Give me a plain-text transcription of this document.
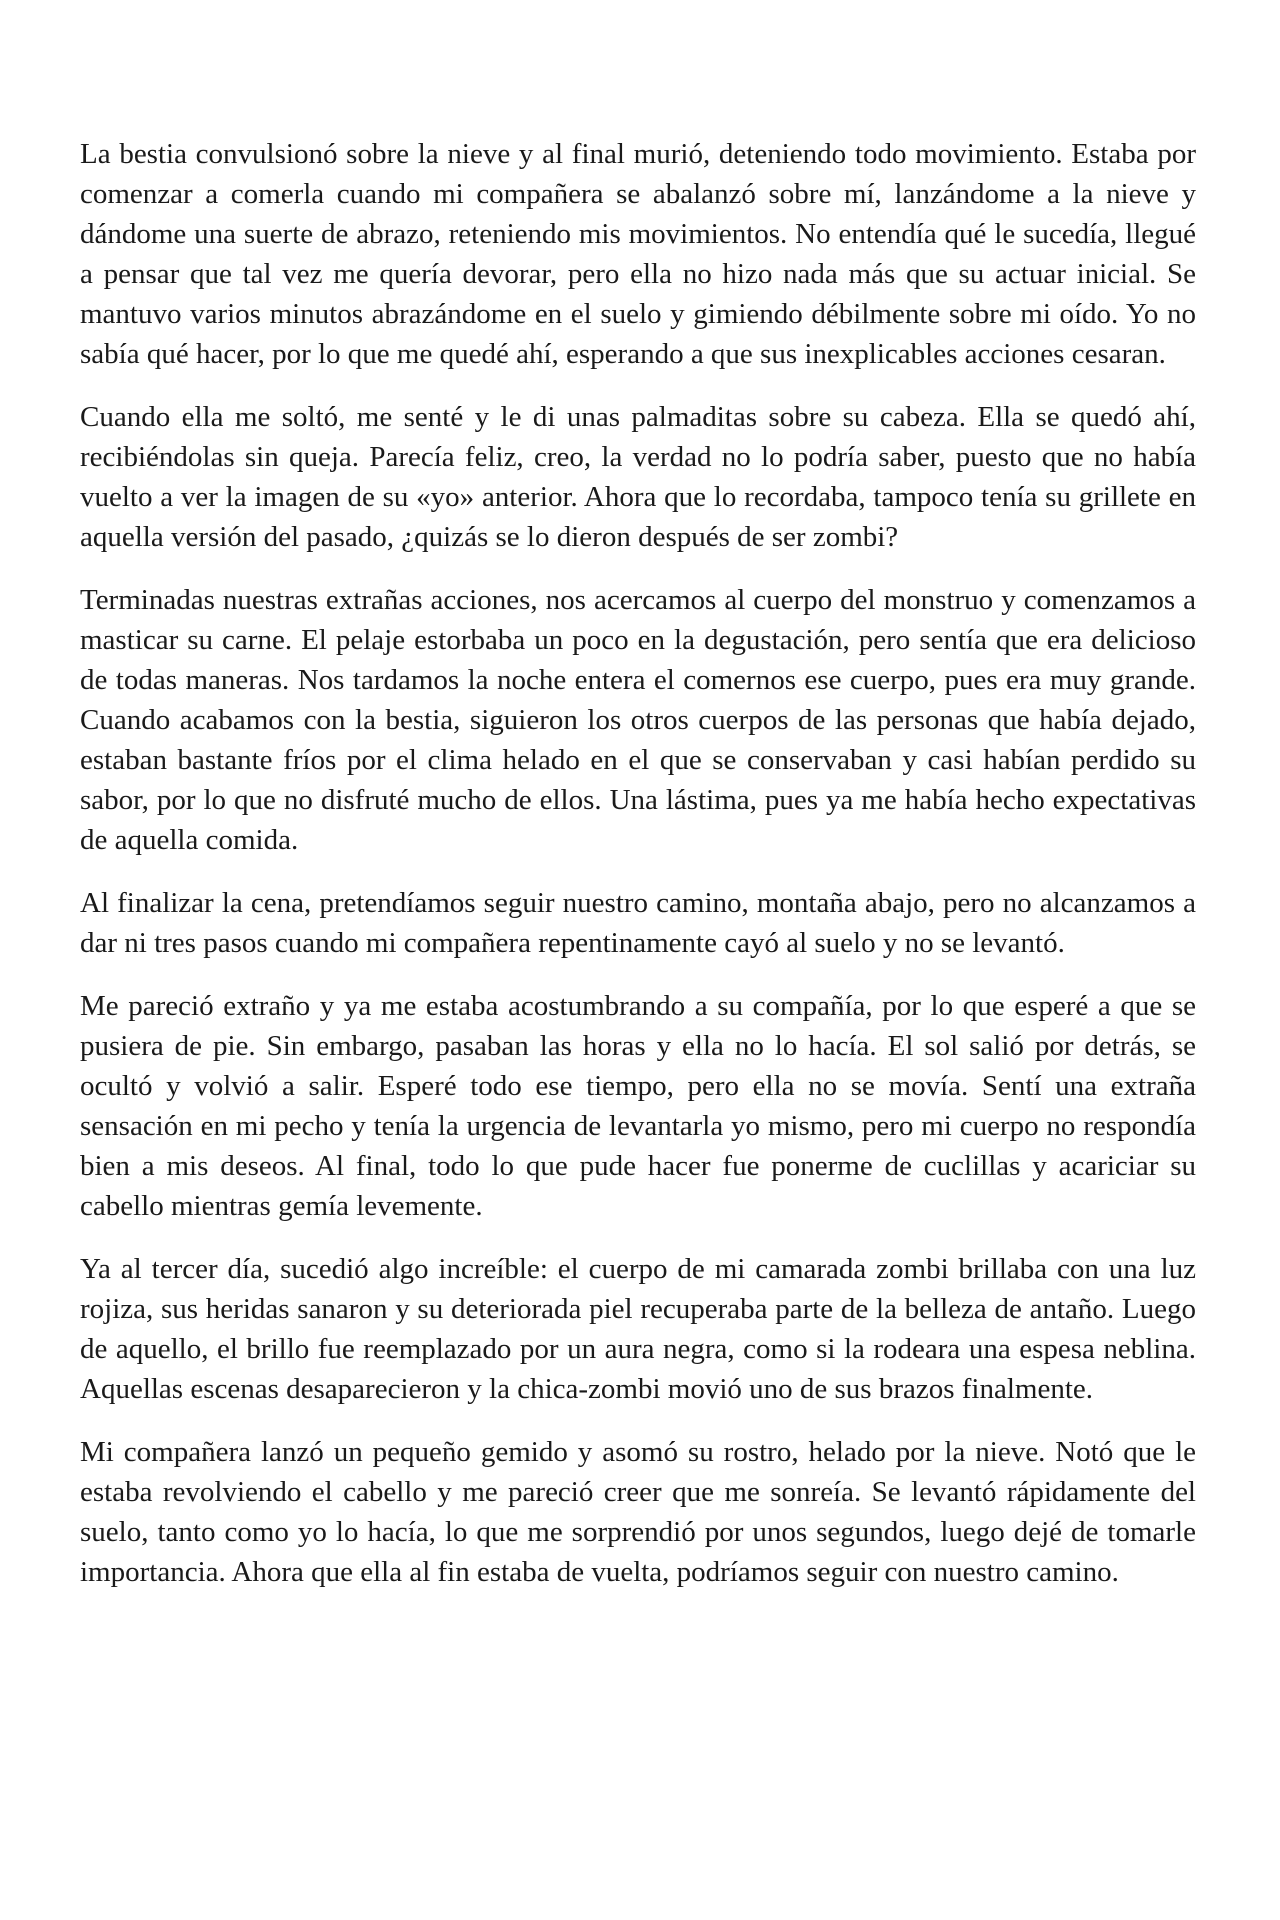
La bestia convulsionó sobre la nieve y al final murió, deteniendo todo movimiento. Estaba por comenzar a comerla cuando mi compañera se abalanzó sobre mí, lanzándome a la nieve y dándome una suerte de abrazo, reteniendo mis movimientos. No entendía qué le sucedía, llegué a pensar que tal vez me quería devorar, pero ella no hizo nada más que su actuar inicial. Se mantuvo varios minutos abrazándome en el suelo y gimiendo débilmente sobre mi oído. Yo no sabía qué hacer, por lo que me quedé ahí, esperando a que sus inexplicables acciones cesaran.

Cuando ella me soltó, me senté y le di unas palmaditas sobre su cabeza. Ella se quedó ahí, recibiéndolas sin queja. Parecía feliz, creo, la verdad no lo podría saber, puesto que no había vuelto a ver la imagen de su «yo» anterior. Ahora que lo recordaba, tampoco tenía su grillete en aquella versión del pasado, ¿quizás se lo dieron después de ser zombi?

Terminadas nuestras extrañas acciones, nos acercamos al cuerpo del monstruo y comenzamos a masticar su carne. El pelaje estorbaba un poco en la degustación, pero sentía que era delicioso de todas maneras. Nos tardamos la noche entera el comernos ese cuerpo, pues era muy grande. Cuando acabamos con la bestia, siguieron los otros cuerpos de las personas que había dejado, estaban bastante fríos por el clima helado en el que se conservaban y casi habían perdido su sabor, por lo que no disfruté mucho de ellos. Una lástima, pues ya me había hecho expectativas de aquella comida.

Al finalizar la cena, pretendíamos seguir nuestro camino, montaña abajo, pero no alcanzamos a dar ni tres pasos cuando mi compañera repentinamente cayó al suelo y no se levantó.

Me pareció extraño y ya me estaba acostumbrando a su compañía, por lo que esperé a que se pusiera de pie. Sin embargo, pasaban las horas y ella no lo hacía. El sol salió por detrás, se ocultó y volvió a salir. Esperé todo ese tiempo, pero ella no se movía. Sentí una extraña sensación en mi pecho y tenía la urgencia de levantarla yo mismo, pero mi cuerpo no respondía bien a mis deseos. Al final, todo lo que pude hacer fue ponerme de cuclillas y acariciar su cabello mientras gemía levemente.

Ya al tercer día, sucedió algo increíble: el cuerpo de mi camarada zombi brillaba con una luz rojiza, sus heridas sanaron y su deteriorada piel recuperaba parte de la belleza de antaño. Luego de aquello, el brillo fue reemplazado por un aura negra, como si la rodeara una espesa neblina. Aquellas escenas desaparecieron y la chica-zombi movió uno de sus brazos finalmente.

Mi compañera lanzó un pequeño gemido y asomó su rostro, helado por la nieve. Notó que le estaba revolviendo el cabello y me pareció creer que me sonreía. Se levantó rápidamente del suelo, tanto como yo lo hacía, lo que me sorprendió por unos segundos, luego dejé de tomarle importancia. Ahora que ella al fin estaba de vuelta, podríamos seguir con nuestro camino.
